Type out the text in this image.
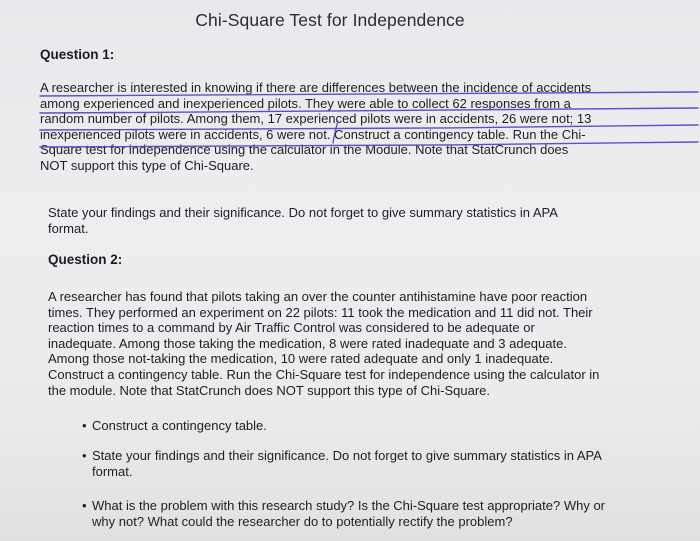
Chi-Square Test for Independence
Question 1:
A researcher is interested in knowing if there are differences between the incidence of accidents
among experienced and inexperienced pilots. They were able to collect 62 responses from a
random number of pilots. Among them, 17 experienced pilots were in accidents, 26 were not; 13
inexperienced pilots were in accidents, 6 were not. Construct a contingency table. Run the Chi-
Square test for independence using the calculator in the Module. Note that StatCrunch does
NOT support this type of Chi-Square.
State your findings and their significance. Do not forget to give summary statistics in APA
format.
Question 2:
A researcher has found that pilots taking an over the counter antihistamine have poor reaction
times. They performed an experiment on 22 pilots: 11 took the medication and 11 did not. Their
reaction times to a command by Air Traffic Control was considered to be adequate or
inadequate. Among those taking the medication, 8 were rated inadequate and 3 adequate.
Among those not-taking the medication, 10 were rated adequate and only 1 inadequate.
Construct a contingency table. Run the Chi-Square test for independence using the calculator in
the module. Note that StatCrunch does NOT support this type of Chi-Square.
• Construct a contingency table.
• State your findings and their significance. Do not forget to give summary statistics in APA
format.
• What is the problem with this research study? Is the Chi-Square test appropriate? Why or
why not? What could the researcher do to potentially rectify the problem?
